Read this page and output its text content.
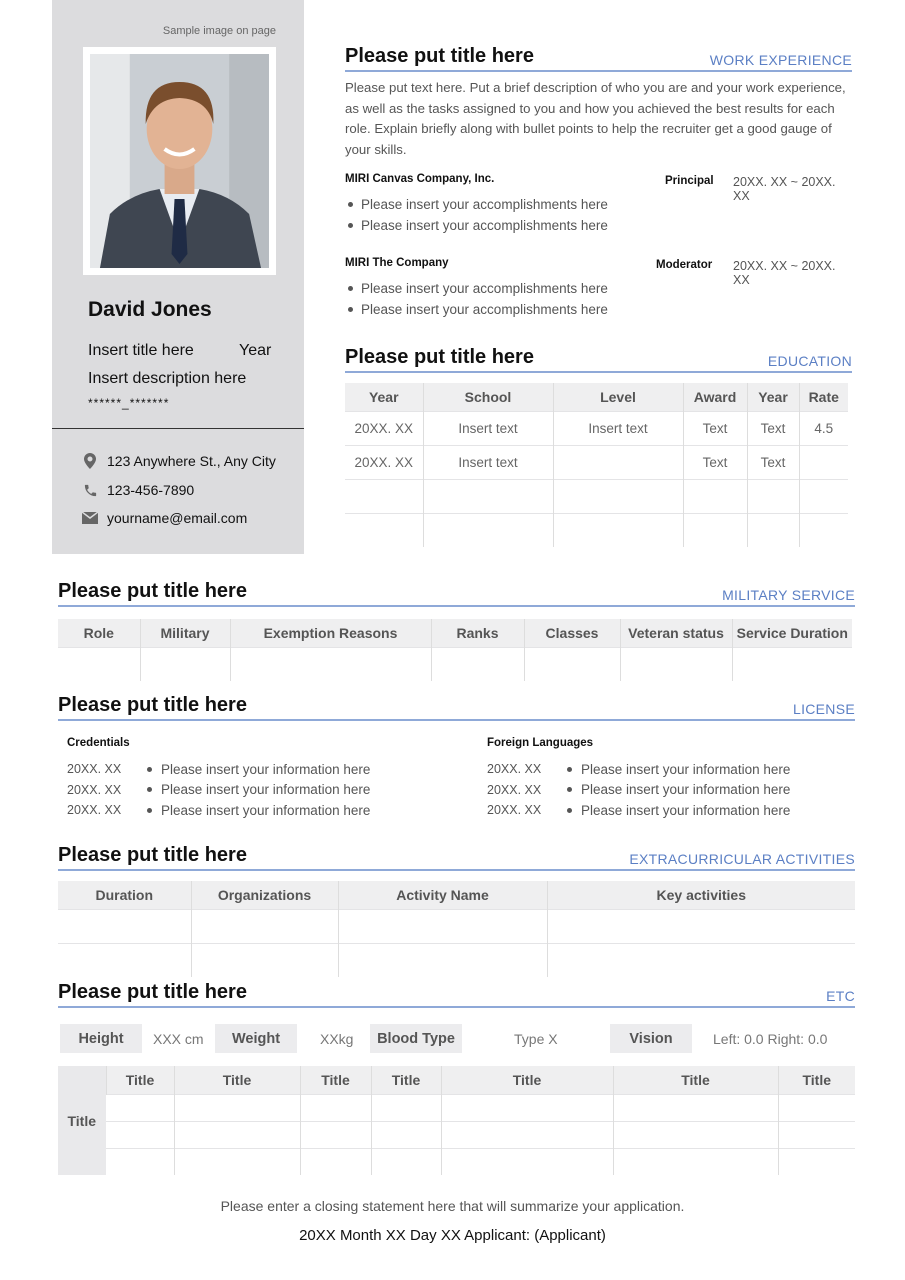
Sample image on page
David Jones
Insert title here	Year
Insert description here
******_*******
123 Anywhere St., Any City
123-456-7890
yourname@email.com
Please put title here	WORK EXPERIENCE
Please put text here. Put a brief description of who you are and your work experience, as well as the tasks assigned to you and how you achieved the best results for each role. Explain briefly along with bullet points to help the recruiter get a good gauge of your skills.
MIRI Canvas Company, Inc.	Principal 20XX. XX ~ 20XX. XX
Please insert your accomplishments here
Please insert your accomplishments here
MIRI The Company	Moderator 20XX. XX ~ 20XX. XX
Please insert your accomplishments here
Please insert your accomplishments here
Please put title here	EDUCATION
Year	School	Level	Award	Year	Rate
20XX. XX	Insert text	Insert text	Text	Text	4.5
20XX. XX	Insert text		Text	Text	

Please put title here	MILITARY SERVICE
Role	Military	Exemption Reasons	Ranks	Classes	Veteran status	Service Duration

Please put title here	LICENSE
Credentials
20XX. XX	Please insert your information here
20XX. XX	Please insert your information here
20XX. XX	Please insert your information here
Foreign Languages
20XX. XX	Please insert your information here
20XX. XX	Please insert your information here
20XX. XX	Please insert your information here
Please put title here	EXTRACURRICULAR ACTIVITIES
Duration	Organizations	Activity Name	Key activities

Please put title here	ETC
Height	XXX cm	Weight	XXkg	Blood Type	Type X	Vision	Left: 0.0 Right: 0.0
Title	Title	Title	Title	Title	Title	Title	Title

Please enter a closing statement here that will summarize your application.
20XX Month XX Day XX Applicant: (Applicant)
